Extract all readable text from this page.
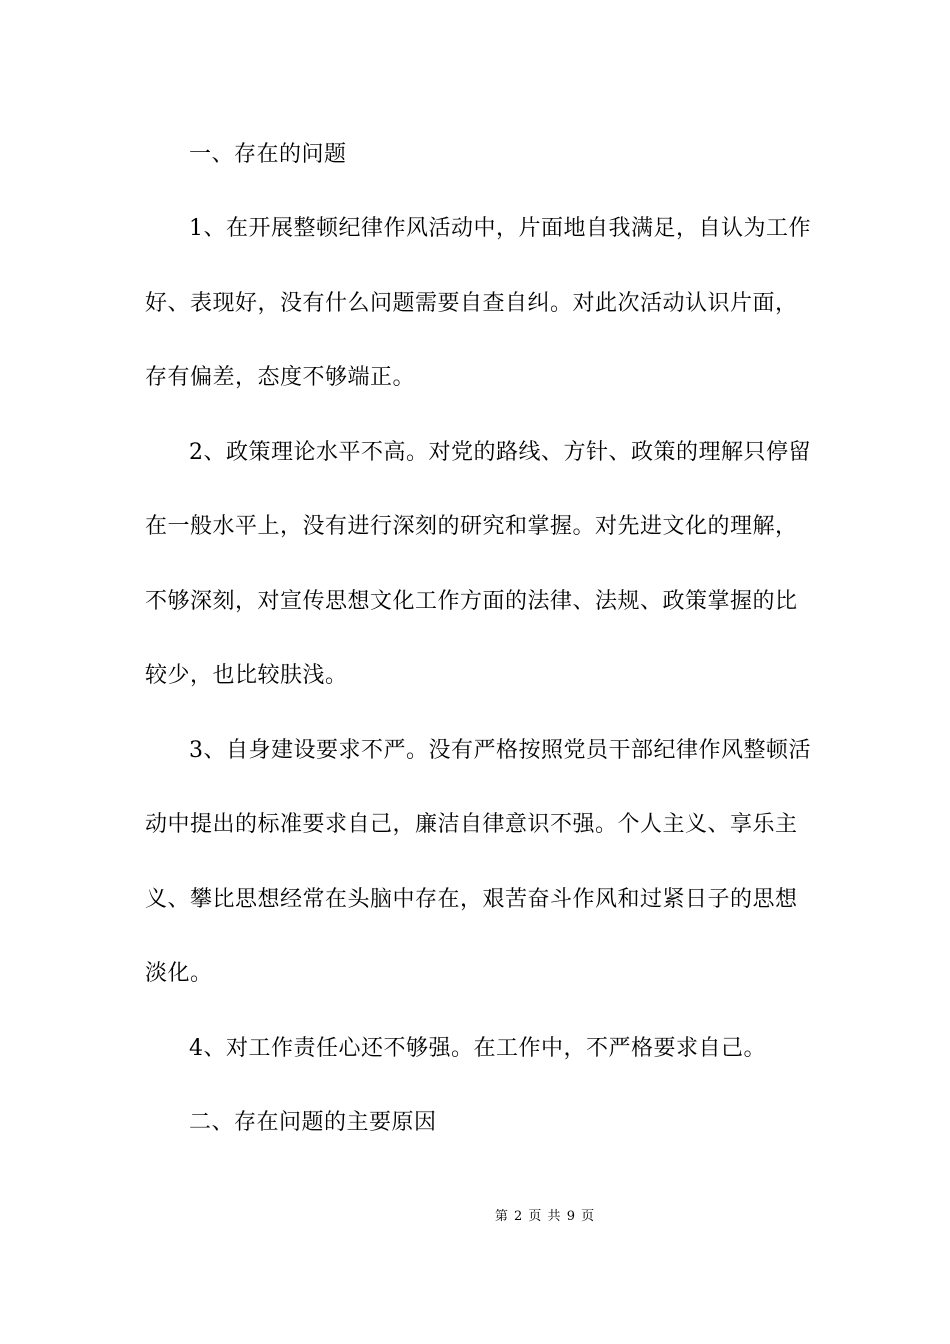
一、存在的问题
1、在开展整顿纪律作风活动中，片面地自我满足，自认为工作
好、表现好，没有什么问题需要自查自纠。对此次活动认识片面，
存有偏差，态度不够端正。
2、政策理论水平不高。对党的路线、方针、政策的理解只停留
在一般水平上，没有进行深刻的研究和掌握。对先进文化的理解，
不够深刻，对宣传思想文化工作方面的法律、法规、政策掌握的比
较少，也比较肤浅。
3、自身建设要求不严。没有严格按照党员干部纪律作风整顿活
动中提出的标准要求自己，廉洁自律意识不强。个人主义、享乐主
义、攀比思想经常在头脑中存在，艰苦奋斗作风和过紧日子的思想
淡化。
4、对工作责任心还不够强。在工作中，不严格要求自己。
二、存在问题的主要原因
第 2 页 共 9 页
